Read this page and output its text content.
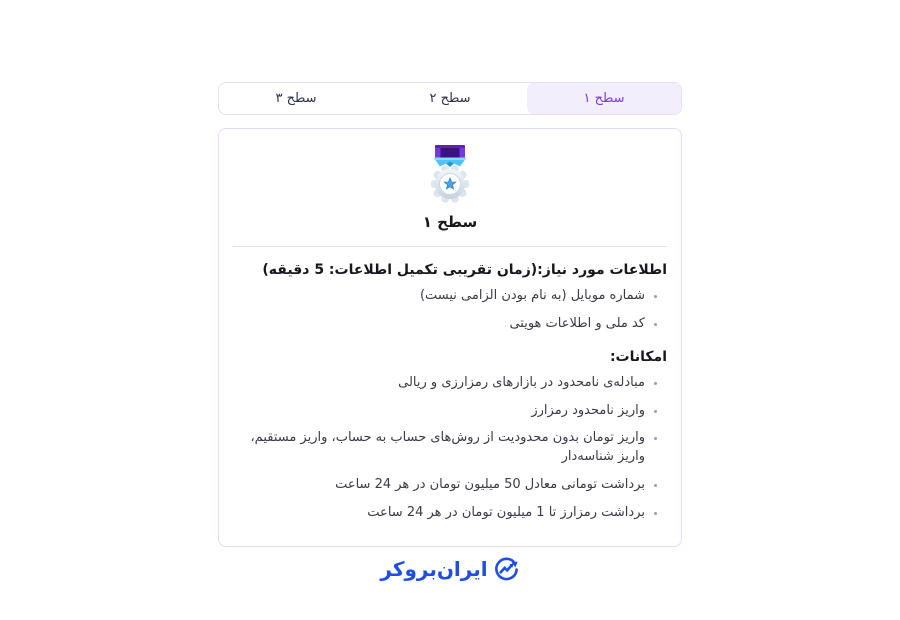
سطح ۱
سطح ۲
سطح ۳
سطح ۱
اطلاعات مورد نیاز:(زمان تقریبی تکمیل اطلاعات: 5 دقیقه)
• شماره موبایل (به نام بودن الزامی نیست)
• کد ملی و اطلاعات هویتی
امکانات:
• مبادله‌ی نامحدود در بازارهای رمزارزی و ریالی
• واریز نامحدود رمزارز
• واریز تومان بدون محدودیت از روش‌های حساب به حساب، واریز مستقیم، واریز شناسه‌دار
• برداشت تومانی معادل 50 میلیون تومان در هر 24 ساعت
• برداشت رمزارز تا 1 میلیون تومان در هر 24 ساعت
ایران‌بروکر
